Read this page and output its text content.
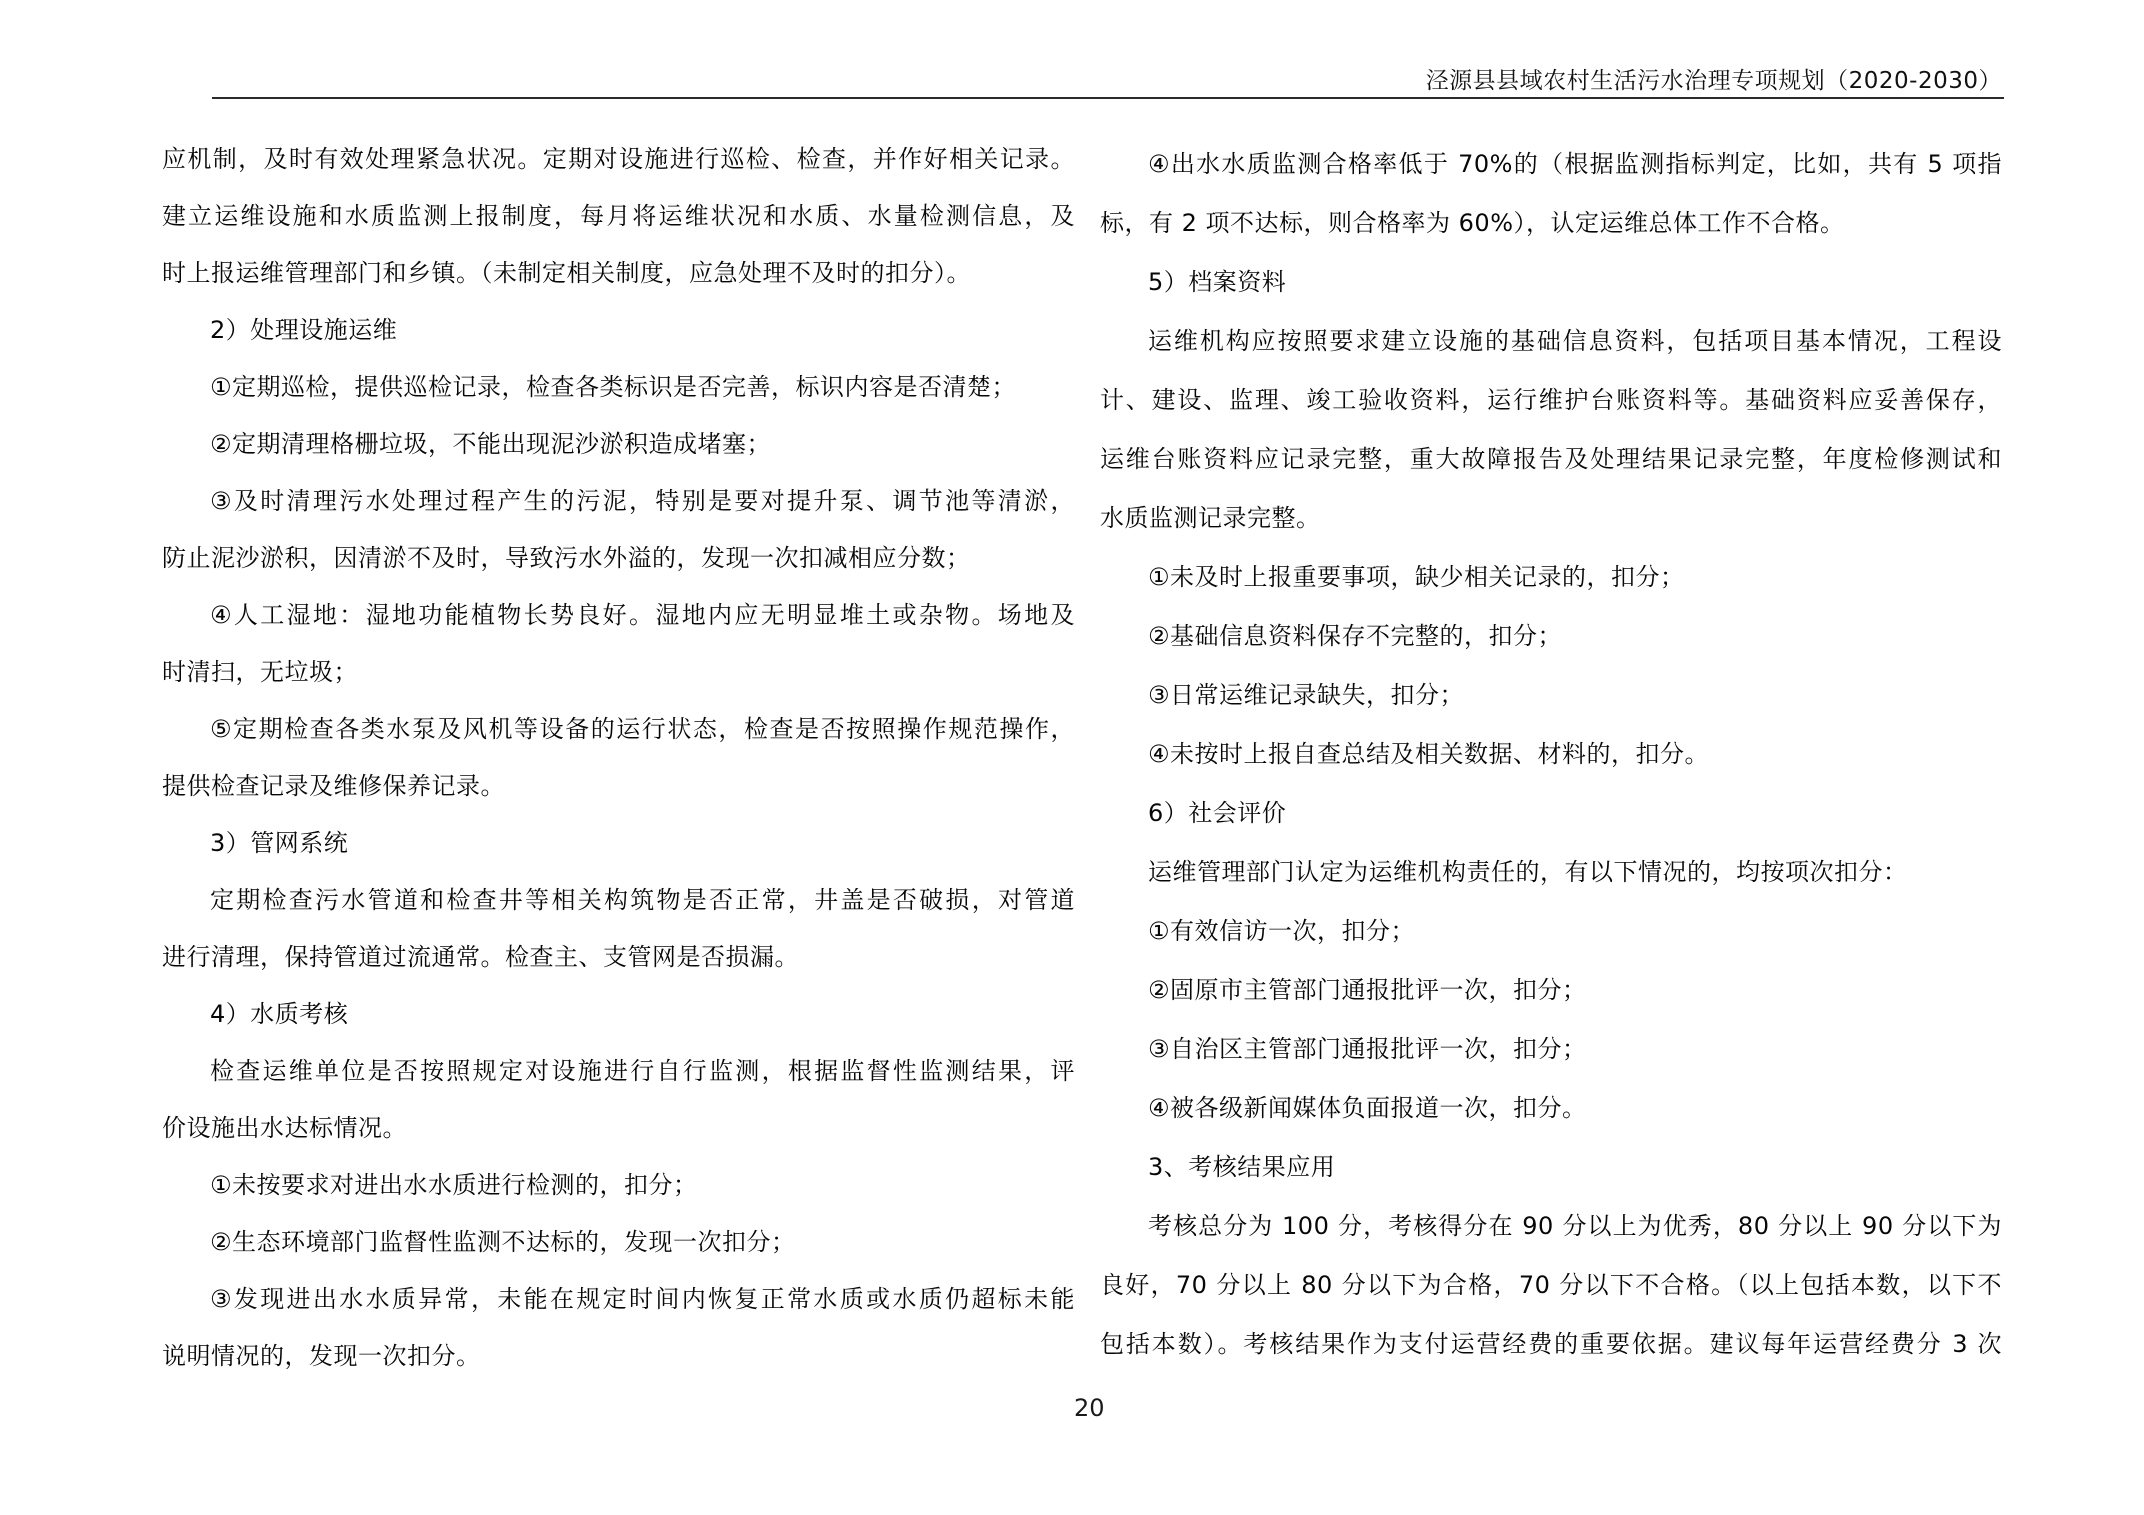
泾源县县域农村生活污水治理专项规划（2020-2030）
应机制，及时有效处理紧急状况。定期对设施进行巡检、检查，并作好相关记录。
建立运维设施和水质监测上报制度，每月将运维状况和水质、水量检测信息，及
时上报运维管理部门和乡镇。（未制定相关制度，应急处理不及时的扣分）。
2）处理设施运维
①定期巡检，提供巡检记录，检查各类标识是否完善，标识内容是否清楚；
②定期清理格栅垃圾，不能出现泥沙淤积造成堵塞；
③及时清理污水处理过程产生的污泥，特别是要对提升泵、调节池等清淤，
防止泥沙淤积，因清淤不及时，导致污水外溢的，发现一次扣减相应分数；
④人工湿地：湿地功能植物长势良好。湿地内应无明显堆土或杂物。场地及
时清扫，无垃圾；
⑤定期检查各类水泵及风机等设备的运行状态，检查是否按照操作规范操作，
提供检查记录及维修保养记录。
3）管网系统
定期检查污水管道和检查井等相关构筑物是否正常，井盖是否破损，对管道
进行清理，保持管道过流通常。检查主、支管网是否损漏。
4）水质考核
检查运维单位是否按照规定对设施进行自行监测，根据监督性监测结果，评
价设施出水达标情况。
①未按要求对进出水水质进行检测的，扣分；
②生态环境部门监督性监测不达标的，发现一次扣分；
③发现进出水水质异常，未能在规定时间内恢复正常水质或水质仍超标未能
说明情况的，发现一次扣分。
④出水水质监测合格率低于 70%的（根据监测指标判定，比如，共有 5 项指
标，有 2 项不达标，则合格率为 60%），认定运维总体工作不合格。
5）档案资料
运维机构应按照要求建立设施的基础信息资料，包括项目基本情况，工程设
计、建设、监理、竣工验收资料，运行维护台账资料等。基础资料应妥善保存，
运维台账资料应记录完整，重大故障报告及处理结果记录完整，年度检修测试和
水质监测记录完整。
①未及时上报重要事项，缺少相关记录的，扣分；
②基础信息资料保存不完整的，扣分；
③日常运维记录缺失，扣分；
④未按时上报自查总结及相关数据、材料的，扣分。
6）社会评价
运维管理部门认定为运维机构责任的，有以下情况的，均按项次扣分：
①有效信访一次，扣分；
②固原市主管部门通报批评一次，扣分；
③自治区主管部门通报批评一次，扣分；
④被各级新闻媒体负面报道一次，扣分。
3、考核结果应用
考核总分为 100 分，考核得分在 90 分以上为优秀，80 分以上 90 分以下为
良好，70 分以上 80 分以下为合格，70 分以下不合格。（以上包括本数，以下不
包括本数）。考核结果作为支付运营经费的重要依据。建议每年运营经费分 3 次
20
